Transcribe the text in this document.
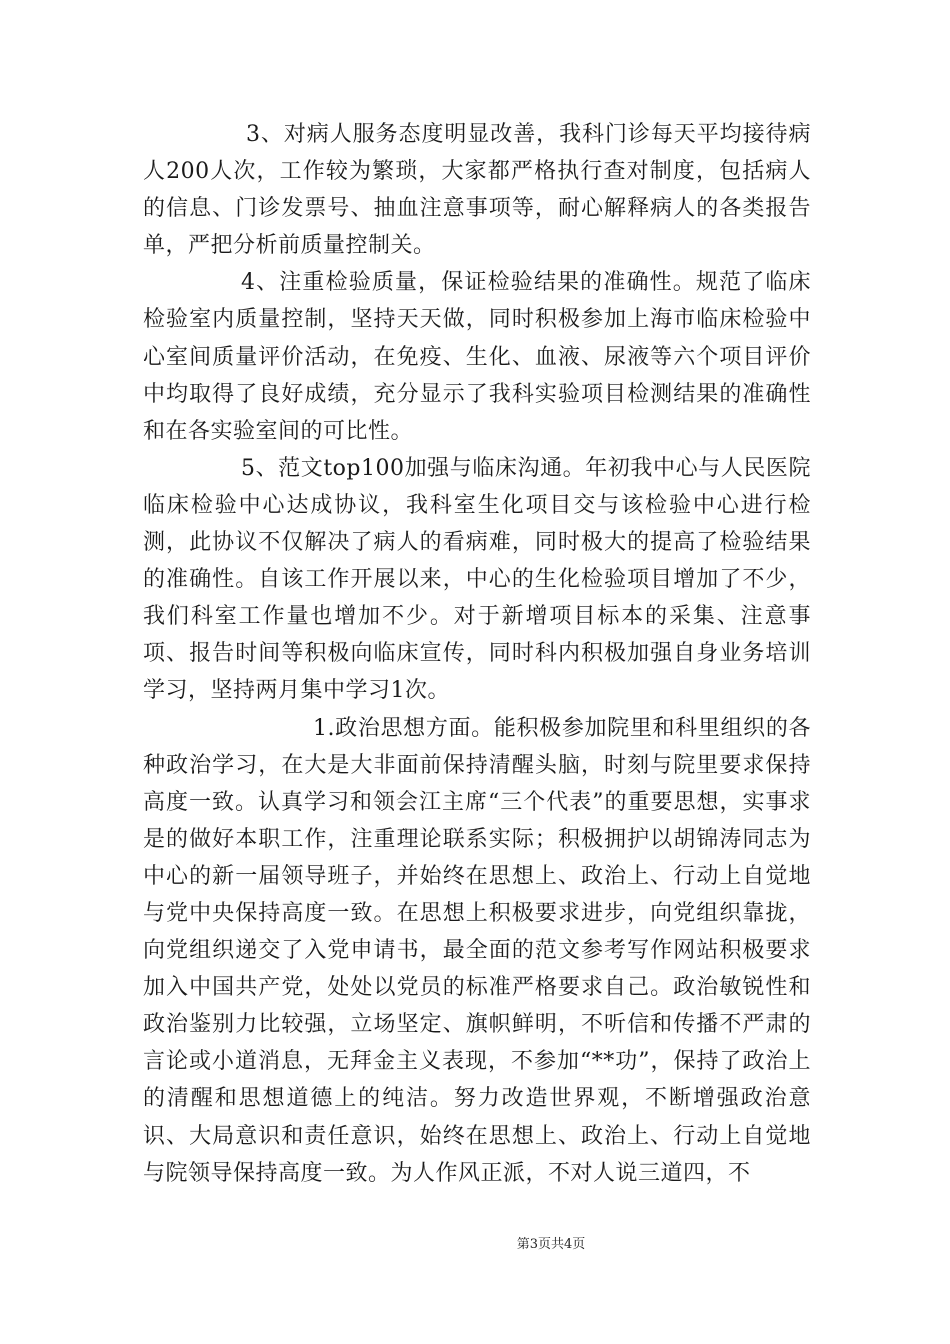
3、对病人服务态度明显改善，我科门诊每天平均接待病人200人次，工作较为繁琐，大家都严格执行查对制度，包括病人的信息、门诊发票号、抽血注意事项等，耐心解释病人的各类报告单，严把分析前质量控制关。

4、注重检验质量，保证检验结果的准确性。规范了临床检验室内质量控制，坚持天天做，同时积极参加上海市临床检验中心室间质量评价活动，在免疫、生化、血液、尿液等六个项目评价中均取得了良好成绩，充分显示了我科实验项目检测结果的准确性和在各实验室间的可比性。

5、范文top100加强与临床沟通。年初我中心与人民医院临床检验中心达成协议，我科室生化项目交与该检验中心进行检测，此协议不仅解决了病人的看病难，同时极大的提高了检验结果的准确性。自该工作开展以来，中心的生化检验项目增加了不少，我们科室工作量也增加不少。对于新增项目标本的采集、注意事项、报告时间等积极向临床宣传，同时科内积极加强自身业务培训学习，坚持两月集中学习1次。

1.政治思想方面。能积极参加院里和科里组织的各种政治学习，在大是大非面前保持清醒头脑，时刻与院里要求保持高度一致。认真学习和领会江主席“三个代表”的重要思想，实事求是的做好本职工作，注重理论联系实际；积极拥护以胡锦涛同志为中心的新一届领导班子，并始终在思想上、政治上、行动上自觉地与党中央保持高度一致。在思想上积极要求进步，向党组织靠拢，向党组织递交了入党申请书，最全面的范文参考写作网站积极要求加入中国共产党，处处以党员的标准严格要求自己。政治敏锐性和政治鉴别力比较强，立场坚定、旗帜鲜明，不听信和传播不严肃的言论或小道消息，无拜金主义表现，不参加“**功”，保持了政治上的清醒和思想道德上的纯洁。努力改造世界观，不断增强政治意识、大局意识和责任意识，始终在思想上、政治上、行动上自觉地与院领导保持高度一致。为人作风正派，不对人说三道四，不

第3页共4页
